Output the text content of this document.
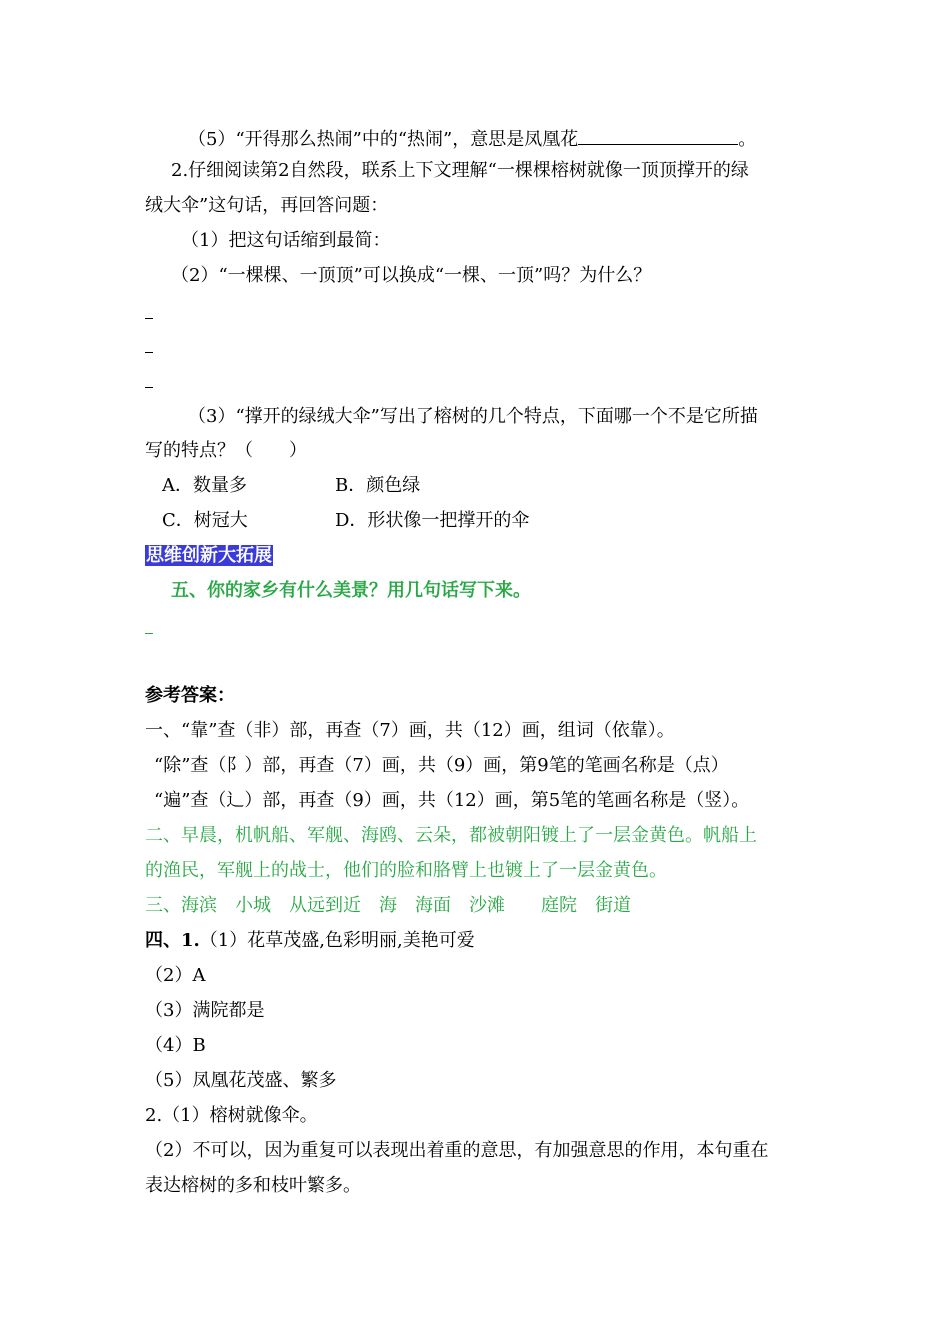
（5）“开得那么热闹”中的“热闹”，意思是凤凰花	。
2.仔细阅读第2自然段，联系上下文理解“一棵棵榕树就像一顶顶撑开的绿
绒大伞”这句话，再回答问题：
（1）把这句话缩到最简：
（2）“一棵棵、一顶顶”可以换成“一棵、一顶”吗？为什么？
（3）“撑开的绿绒大伞”写出了榕树的几个特点，下面哪一个不是它所描
写的特点？（　　）
A．数量多	B．颜色绿
C．树冠大	D．形状像一把撑开的伞
思维创新大拓展
五、你的家乡有什么美景？用几句话写下来。
参考答案：
一、“靠”查（非）部，再查（7）画，共（12）画，组词（依靠）。
“除”查（阝）部，再查（7）画，共（9）画，第9笔的笔画名称是（点）
“遍”查（辶）部，再查（9）画，共（12）画，第5笔的笔画名称是（竖）。
二、早晨，机帆船、军舰、海鸥、云朵，都被朝阳镀上了一层金黄色。帆船上
的渔民，军舰上的战士，他们的脸和胳臂上也镀上了一层金黄色。
三、海滨　小城　从远到近　海　海面　沙滩　　庭院　街道
四、1.（1）花草茂盛,色彩明丽,美艳可爱
（2）A
（3）满院都是
（4）B
（5）凤凰花茂盛、繁多
2.（1）榕树就像伞。
（2）不可以，因为重复可以表现出着重的意思，有加强意思的作用，本句重在
表达榕树的多和枝叶繁多。
